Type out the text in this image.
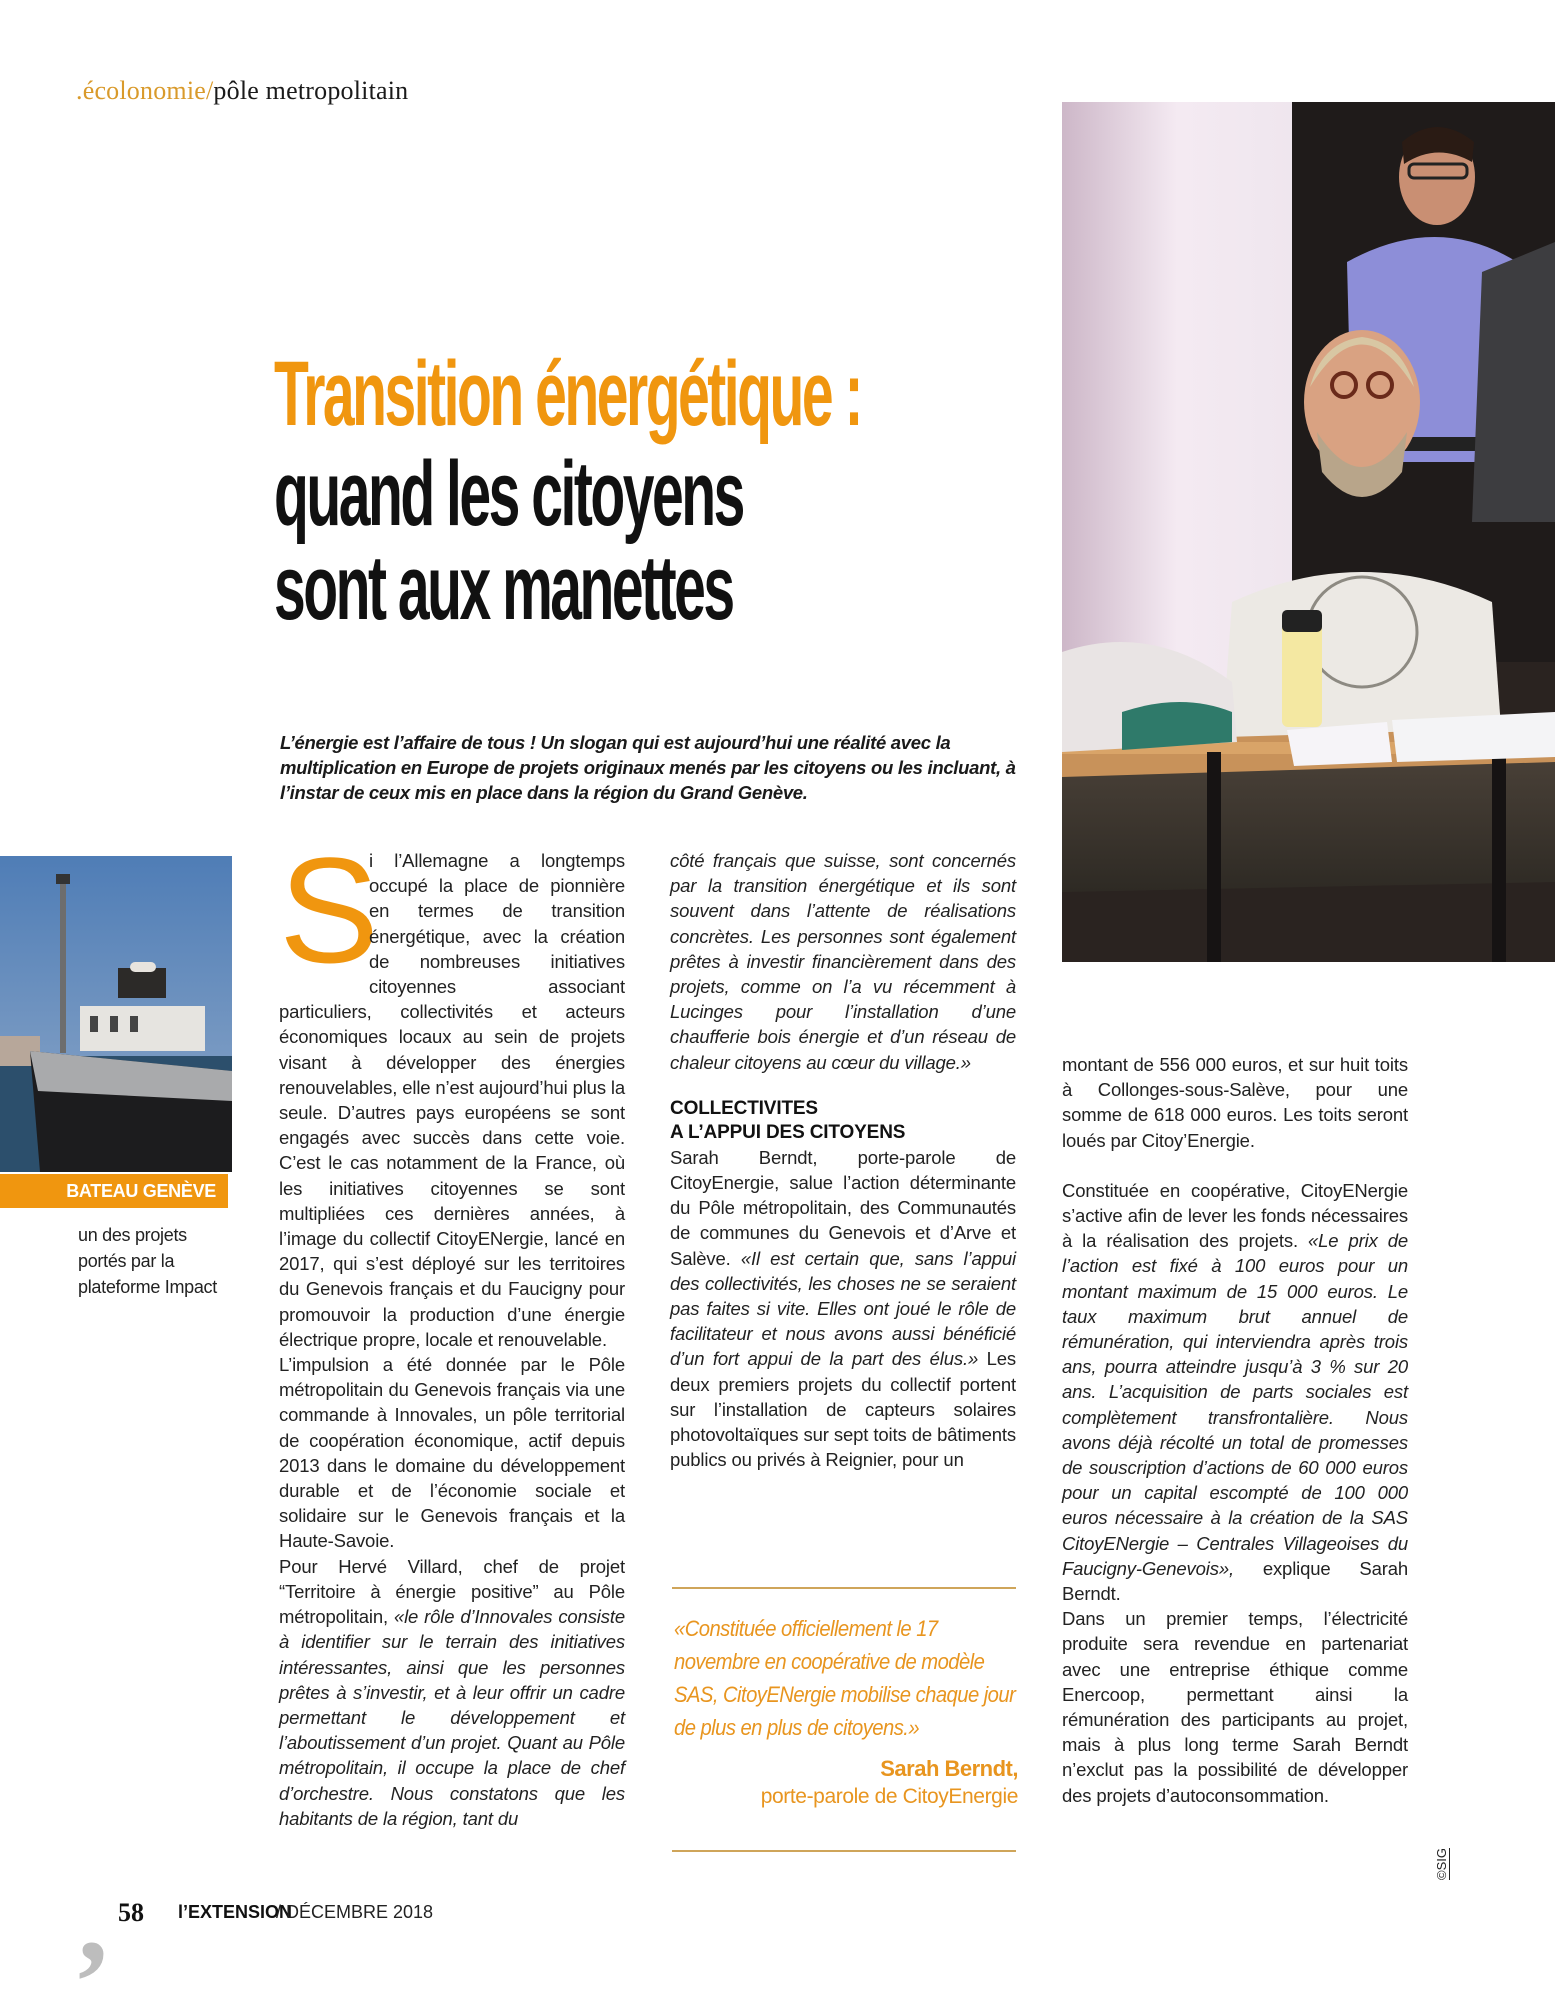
.écolonomie/pôle metropolitain
Transition énergétique :
quand les citoyens
sont aux manettes

L’énergie est l’affaire de tous ! Un slogan qui est aujourd’hui une réalité avec la multiplication en Europe de projets originaux menés par les citoyens ou les incluant, à l’instar de ceux mis en place dans la région du Grand Genève.

BATEAU GENÈVE
un des projets portés par la plateforme Impact
S

i l’Allemagne a longtemps occupé la place de pionnière en termes de transition énergétique, avec la création de nombreuses initiatives citoyennes associant particuliers, collectivités et acteurs économiques locaux au sein de projets visant à développer des énergies renouvelables, elle n’est aujourd’hui plus la seule. D’autres pays européens se sont engagés avec succès dans cette voie. C’est le cas notamment de la France, où les initiatives citoyennes se sont multipliées ces dernières années, à l’image du collectif CitoyENergie, lancé en 2017, qui s’est déployé sur les territoires du Genevois français et du Faucigny pour promouvoir la production d’une énergie électrique propre, locale et renouvelable.

L’impulsion a été donnée par le Pôle métropolitain du Genevois français via une commande à Innovales, un pôle territorial de coopération économique, actif depuis 2013 dans le domaine du développement durable et de l’économie sociale et solidaire sur le Genevois français et la Haute-Savoie.

Pour Hervé Villard, chef de projet “Territoire à énergie positive” au Pôle métropolitain, «le rôle d’Innovales consiste à identifier sur le terrain des initiatives intéressantes, ainsi que les personnes prêtes à s’investir, et à leur offrir un cadre permettant le développement et l’aboutissement d’un projet. Quant au Pôle métropolitain, il occupe la place de chef d’orchestre. Nous constatons que les habitants de la région, tant du

côté français que suisse, sont concernés par la transition énergétique et ils sont souvent dans l’attente de réalisations concrètes. Les personnes sont également prêtes à investir financièrement dans des projets, comme on l’a vu récemment à Lucinges pour l’installation d’une chaufferie bois énergie et d’un réseau de chaleur citoyens au cœur du village.»

COLLECTIVITES
A L’APPUI DES CITOYENS

Sarah Berndt, porte-parole de CitoyEnergie, salue l’action déterminante du Pôle métropolitain, des Communautés de communes du Genevois et d’Arve et Salève. «Il est certain que, sans l’appui des collectivités, les choses ne se seraient pas faites si vite. Elles ont joué le rôle de facilitateur et nous avons aussi bénéficié d’un fort appui de la part des élus.» Les deux premiers projets du collectif portent sur l’installation de capteurs solaires photovoltaïques sur sept toits de bâtiments publics ou privés à Reignier, pour un

«Constituée officiellement le 17 novembre en coopérative de modèle SAS, CitoyENergie mobilise chaque jour de plus en plus de citoyens.»
Sarah Berndt,
porte-parole de CitoyEnergie

montant de 556 000 euros, et sur huit toits à Collonges-sous-Salève, pour une somme de 618 000 euros. Les toits seront loués par Citoy’Energie.

Constituée en coopérative, CitoyENergie s’active afin de lever les fonds nécessaires à la réalisation des projets. «Le prix de l’action est fixé à 100 euros pour un montant maximum de 15 000 euros. Le taux maximum brut annuel de rémunération, qui interviendra après trois ans, pourra atteindre jusqu’à 3 % sur 20 ans. L’acquisition de parts sociales est complètement transfrontalière. Nous avons déjà récolté un total de promesses de souscription d’actions de 60 000 euros pour un capital escompté de 100 000 euros nécessaire à la création de la SAS CitoyENergie – Centrales Villageoises du Faucigny-Genevois», explique Sarah Berndt.

Dans un premier temps, l’électricité produite sera revendue en partenariat avec une entreprise éthique comme Enercoop, permettant ainsi la rémunération des participants au projet, mais à plus long terme Sarah Berndt n’exclut pas la possibilité de développer des projets d’autoconsommation.

©SIG
, 58 l’EXTENSION
/ DÉCEMBRE 2018
